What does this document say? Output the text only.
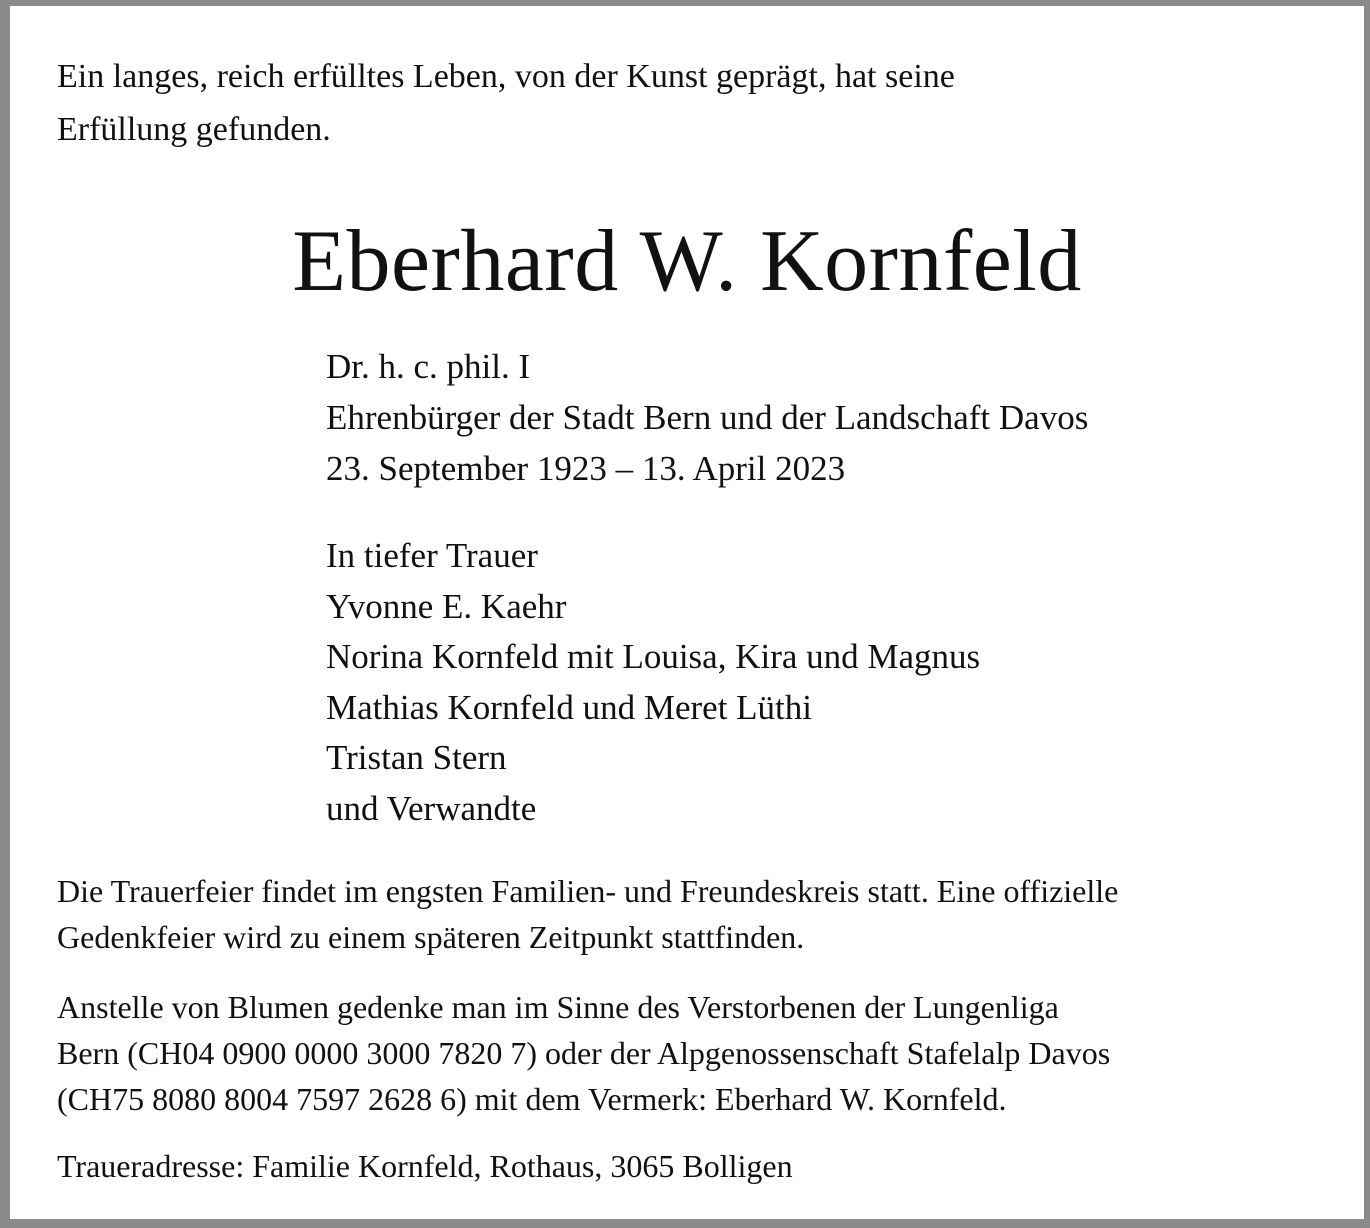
Ein langes, reich erfülltes Leben, von der Kunst geprägt, hat seine
Erfüllung gefunden.

Eberhard W. Kornfeld

Dr. h. c. phil. I
Ehrenbürger der Stadt Bern und der Landschaft Davos
23. September 1923 – 13. April 2023

In tiefer Trauer
Yvonne E. Kaehr
Norina Kornfeld mit Louisa, Kira und Magnus
Mathias Kornfeld und Meret Lüthi
Tristan Stern
und Verwandte

Die Trauerfeier findet im engsten Familien- und Freundeskreis statt. Eine offizielle
Gedenkfeier wird zu einem späteren Zeitpunkt stattfinden.

Anstelle von Blumen gedenke man im Sinne des Verstorbenen der Lungenliga
Bern (CH04 0900 0000 3000 7820 7) oder der Alpgenossenschaft Stafelalp Davos
(CH75 8080 8004 7597 2628 6) mit dem Vermerk: Eberhard W. Kornfeld.

Traueradresse: Familie Kornfeld, Rothaus, 3065 Bolligen
